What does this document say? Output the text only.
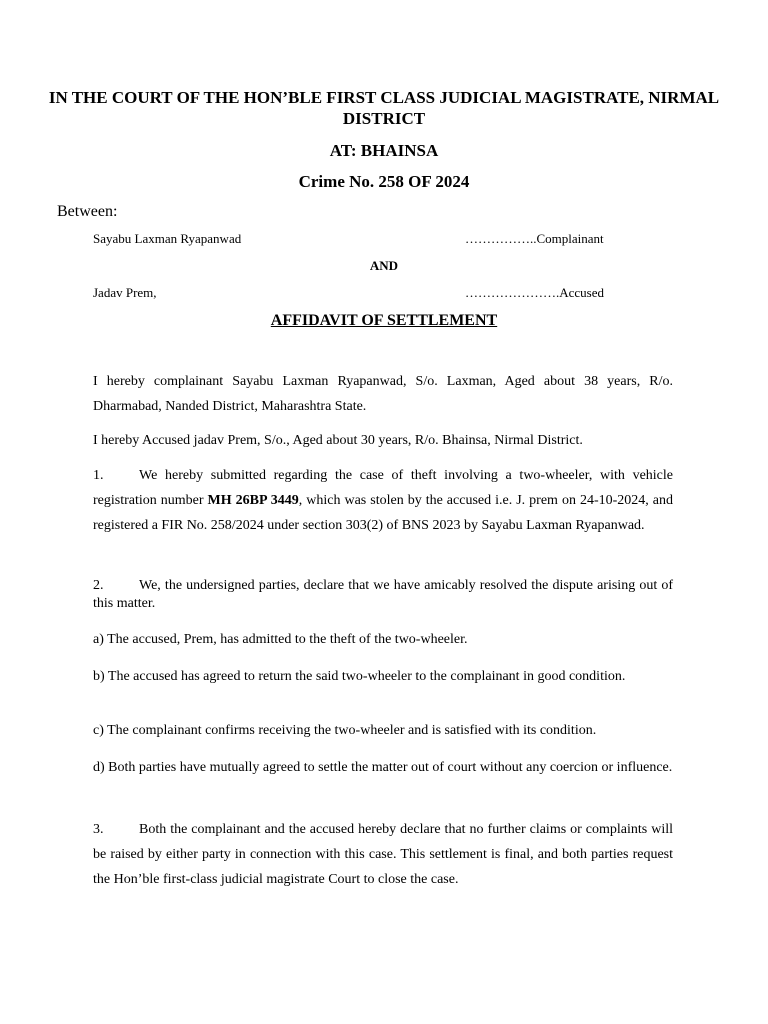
IN THE COURT OF THE HON’BLE FIRST CLASS JUDICIAL MAGISTRATE, NIRMAL DISTRICT
AT: BHAINSA
Crime No. 258 OF 2024
Between:
Sayabu Laxman Ryapanwad	……………..Complainant
AND
Jadav Prem,	………………….Accused
AFFIDAVIT OF SETTLEMENT

I hereby complainant Sayabu Laxman Ryapanwad, S/o. Laxman, Aged about 38 years, R/o. Dharmabad, Nanded District, Maharashtra State.

I hereby Accused jadav Prem, S/o., Aged about 30 years, R/o. Bhainsa, Nirmal District.

1.	We hereby submitted regarding the case of theft involving a two-wheeler, with vehicle registration number MH 26BP 3449, which was stolen by the accused i.e. J. prem on 24-10-2024, and registered a FIR No. 258/2024 under section 303(2) of BNS 2023 by Sayabu Laxman Ryapanwad.

2.	We, the undersigned parties, declare that we have amicably resolved the dispute arising out of this matter.

a) The accused, Prem, has admitted to the theft of the two-wheeler.

b) The accused has agreed to return the said two-wheeler to the complainant in good condition.

c) The complainant confirms receiving the two-wheeler and is satisfied with its condition.

d) Both parties have mutually agreed to settle the matter out of court without any coercion or influence.

3.	Both the complainant and the accused hereby declare that no further claims or complaints will be raised by either party in connection with this case. This settlement is final, and both parties request the Hon’ble first-class judicial magistrate Court to close the case.
